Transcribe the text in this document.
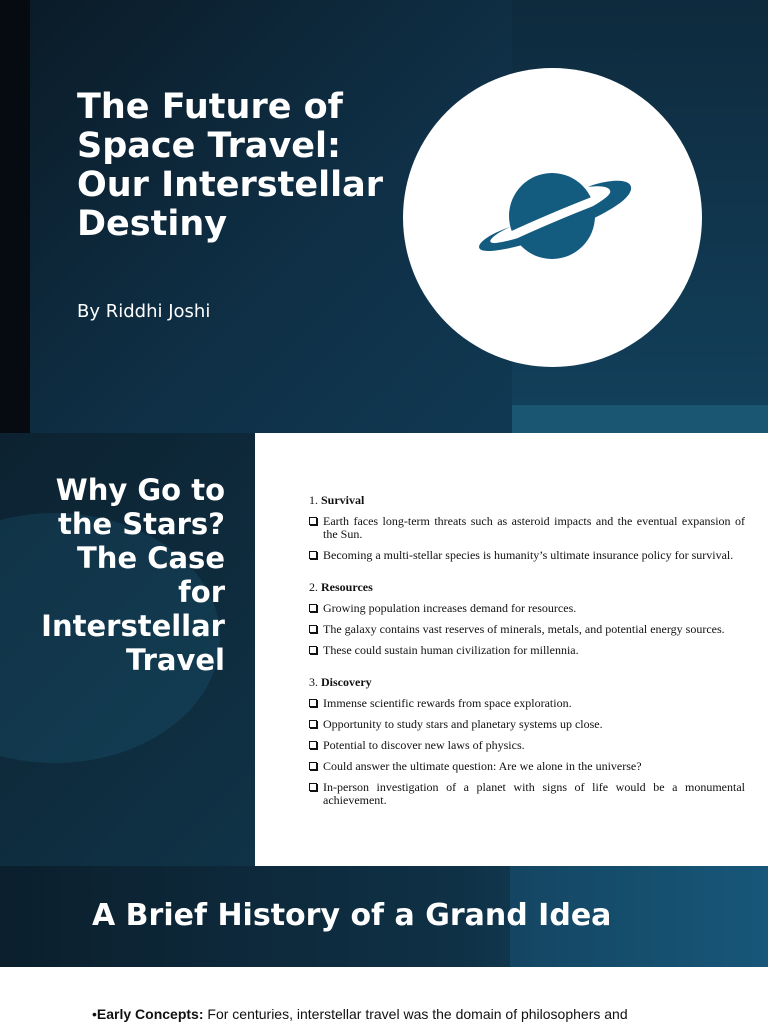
The Future of
Space Travel:
Our Interstellar
Destiny
By Riddhi Joshi
Why Go to
the Stars?
The Case
for
Interstellar
Travel
1. Survival
Earth faces long-term threats such as asteroid impacts and the eventual expansion of the Sun.
Becoming a multi-stellar species is humanity’s ultimate insurance policy for survival.
2. Resources
Growing population increases demand for resources.
The galaxy contains vast reserves of minerals, metals, and potential energy sources.
These could sustain human civilization for millennia.
3. Discovery
Immense scientific rewards from space exploration.
Opportunity to study stars and planetary systems up close.
Potential to discover new laws of physics.
Could answer the ultimate question: Are we alone in the universe?
In-person investigation of a planet with signs of life would be a monumental achievement.
A Brief History of a Grand Idea

•Early Concepts: For centuries, interstellar travel was the domain of philosophers and
